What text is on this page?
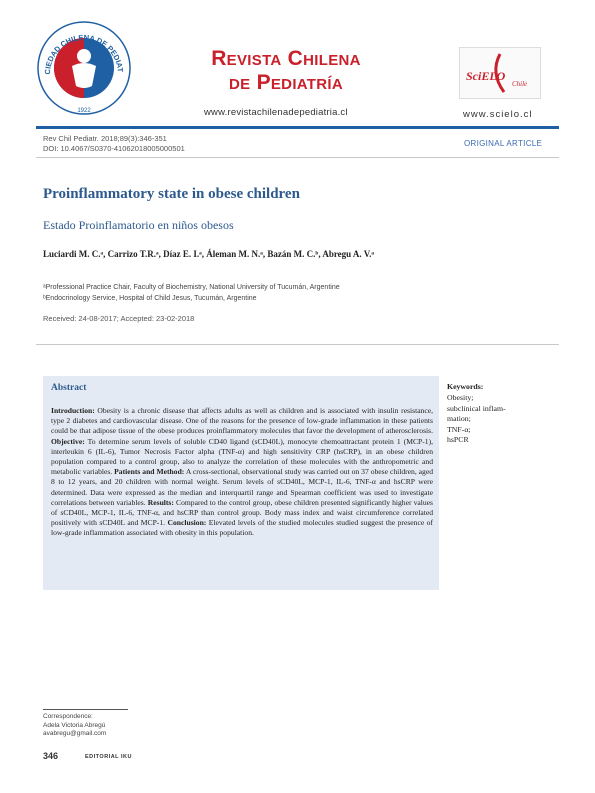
CIEDAD CHILENA DE PEDIAT
1922
Revista Chilena
de Pediatría
www.revistachilenadepediatria.cl
SciELO
Chile
www.scielo.cl
Rev Chil Pediatr. 2018;89(3):346-351
DOI: 10.4067/S0370-41062018005000501
ORIGINAL ARTICLE
Proinflammatory state in obese children
Estado Proinflamatorio en niños obesos
Luciardi M. C.ᵃ, Carrizo T.R.ᵃ, Díaz E. I.ᵃ, Áleman M. N.ᵃ, Bazán M. C.ᵇ, Abregu A. V.ᵃ
ᵃProfessional Practice Chair, Faculty of Biochemistry, National University of Tucumán, Argentine
ᵇEndocrinology Service, Hospital of Child Jesus, Tucumán, Argentine
Received: 24-08-2017; Accepted: 23-02-2018
Abstract
Introduction: Obesity is a chronic disease that affects adults as well as children and is associated with insulin resistance, type 2 diabetes and cardiovascular disease. One of the reasons for the presence of low-grade inflammation in these patients could be that adipose tissue of the obese produces proinflammatory molecules that favor the development of atherosclerosis. Objective: To determine serum levels of soluble CD40 ligand (sCD40L), monocyte chemoattractant protein 1 (MCP-1), interleukin 6 (IL-6), Tumor Necrosis Factor alpha (TNF-α) and high sensitivity CRP (hsCRP), in an obese children population compared to a control group, also to analyze the correlation of these molecules with the anthropometric and metabolic variables. Patients and Method: A cross-sectional, observational study was carried out on 37 obese children, aged 8 to 12 years, and 20 children with normal weight. Serum levels of sCD40L, MCP-1, IL-6, TNF-α and hsCRP were determined. Data were expressed as the median and interquartil range and Spearman coefficient was used to investigate correlations between variables. Results: Compared to the control group, obese children presented significantly higher values of sCD40L, MCP-1, IL-6, TNF-α, and hsCRP than control group. Body mass index and waist circumference correlated positively with sCD40L and MCP-1. Conclusion: Elevated levels of the studied molecules studied suggest the presence of low-grade inflammation associated with obesity in this population.
Keywords:
Obesity;
subclinical inflam-
mation;
TNF-α;
hsPCR
Correspondence:
Adela Victoria Abregú
avabregu@gmail.com
346	EDITORIAL IKU
